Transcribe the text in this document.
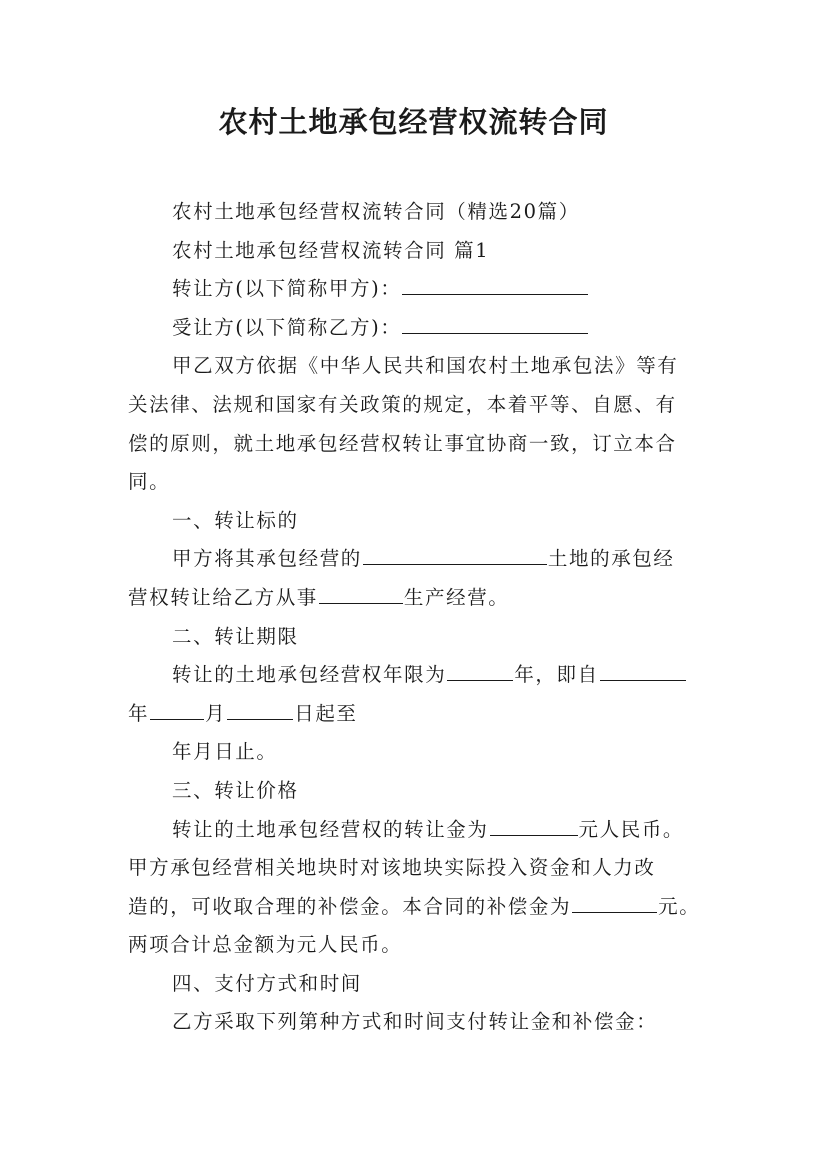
农村土地承包经营权流转合同

农村土地承包经营权流转合同（精选20篇）

农村土地承包经营权流转合同 篇1

转让方(以下简称甲方)：

受让方(以下简称乙方)：

甲乙双方依据《中华人民共和国农村土地承包法》等有

关法律、法规和国家有关政策的规定，本着平等、自愿、有

偿的原则，就土地承包经营权转让事宜协商一致，订立本合

同。

一、转让标的

甲方将其承包经营的	土地的承包经

营权转让给乙方从事	生产经营。

二、转让期限

转让的土地承包经营权年限为	年，即自

年	月	日起至

年月日止。

三、转让价格

转让的土地承包经营权的转让金为	元人民币。

甲方承包经营相关地块时对该地块实际投入资金和人力改

造的，可收取合理的补偿金。本合同的补偿金为	元。

两项合计总金额为元人民币。

四、支付方式和时间

乙方采取下列第种方式和时间支付转让金和补偿金：
